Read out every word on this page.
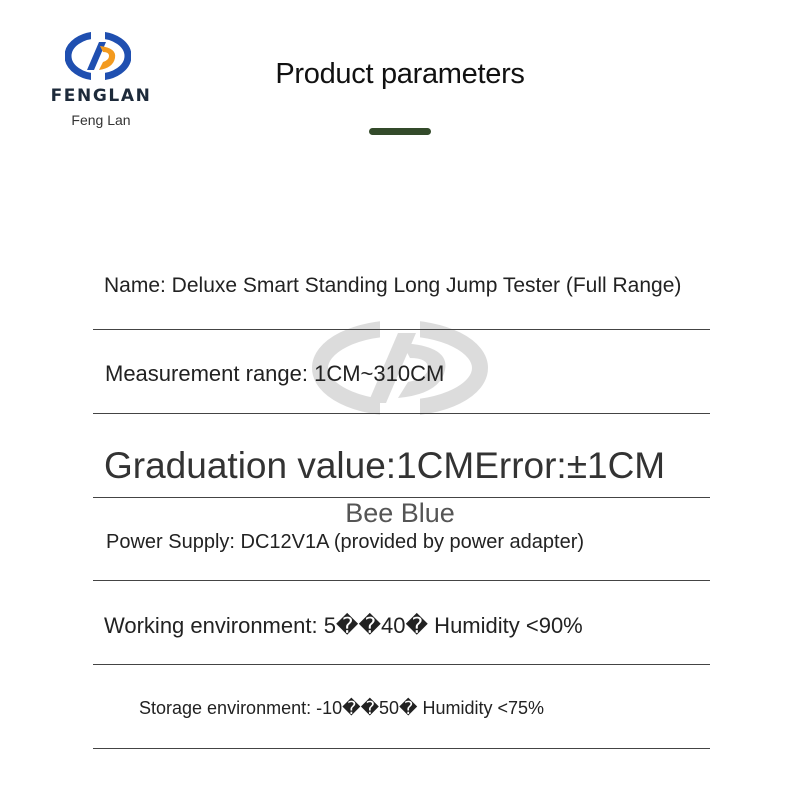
FENGLAN
Feng Lan
Product parameters
Bee Blue
Name: Deluxe Smart Standing Long Jump Tester (Full Range)
Measurement range: 1CM~310CM
Graduation value:1CMError:±1CM
Power Supply: DC12V1A (provided by power adapter)
Working environment: 5��40� Humidity <90%
Storage environment: -10��50� Humidity <75%
